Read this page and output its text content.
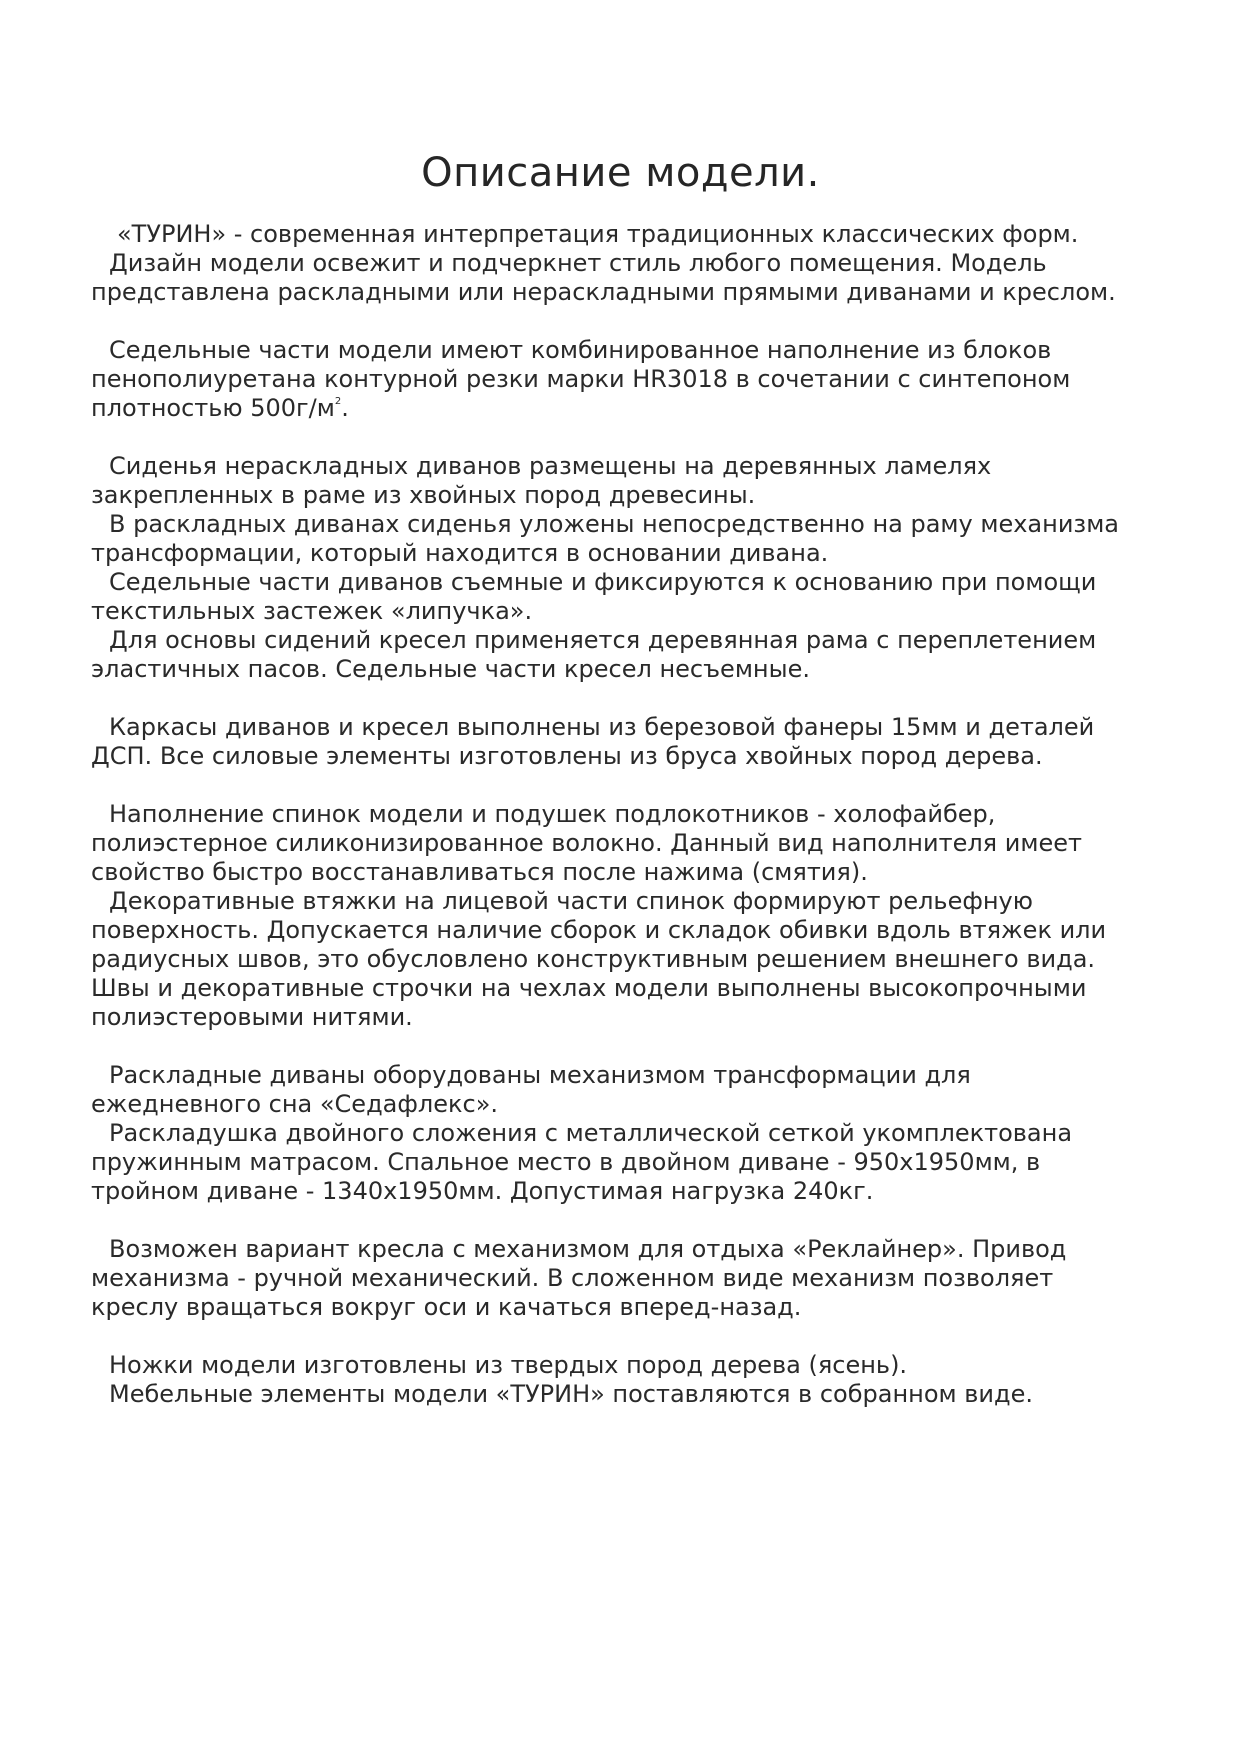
Описание модели.
«ТУРИН» - современная интерпретация традиционных классических форм.
Дизайн модели освежит и подчеркнет стиль любого помещения. Модель
представлена раскладными или нераскладными прямыми диванами и креслом.
Седельные части модели имеют комбинированное наполнение из блоков
пенополиуретана контурной резки марки HR3018 в сочетании с синтепоном
плотностью $500г/м^2$.
Сиденья нераскладных диванов размещены на деревянных ламелях
закрепленных в раме из хвойных пород древесины.
В раскладных диванах сиденья уложены непосредственно на раму механизма
трансформации, который находится в основании дивана.
Седельные части диванов съемные и фиксируются к основанию при помощи
текстильных застежек «липучка».
Для основы сидений кресел применяется деревянная рама с переплетением
эластичных пасов. Седельные части кресел несъемные.
Каркасы диванов и кресел выполнены из березовой фанеры 15мм и деталей
ДСП. Все силовые элементы изготовлены из бруса хвойных пород дерева.
Наполнение спинок модели и подушек подлокотников - холофайбер,
полиэстерное силиконизированное волокно. Данный вид наполнителя имеет
свойство быстро восстанавливаться после нажима (смятия).
Декоративные втяжки на лицевой части спинок формируют рельефную
поверхность. Допускается наличие сборок и складок обивки вдоль втяжек или
радиусных швов, это обусловлено конструктивным решением внешнего вида.
Швы и декоративные строчки на чехлах модели выполнены высокопрочными
полиэстеровыми нитями.
Раскладные диваны оборудованы механизмом трансформации для
ежедневного сна «Седафлекс».
Раскладушка двойного сложения с металлической сеткой укомплектована
пружинным матрасом. Спальное место в двойном диване - 950х1950мм, в
тройном диване - 1340х1950мм. Допустимая нагрузка 240кг.
Возможен вариант кресла с механизмом для отдыха «Реклайнер». Привод
механизма - ручной механический. В сложенном виде механизм позволяет
креслу вращаться вокруг оси и качаться вперед-назад.
Ножки модели изготовлены из твердых пород дерева (ясень).
Мебельные элементы модели «ТУРИН» поставляются в собранном виде.
